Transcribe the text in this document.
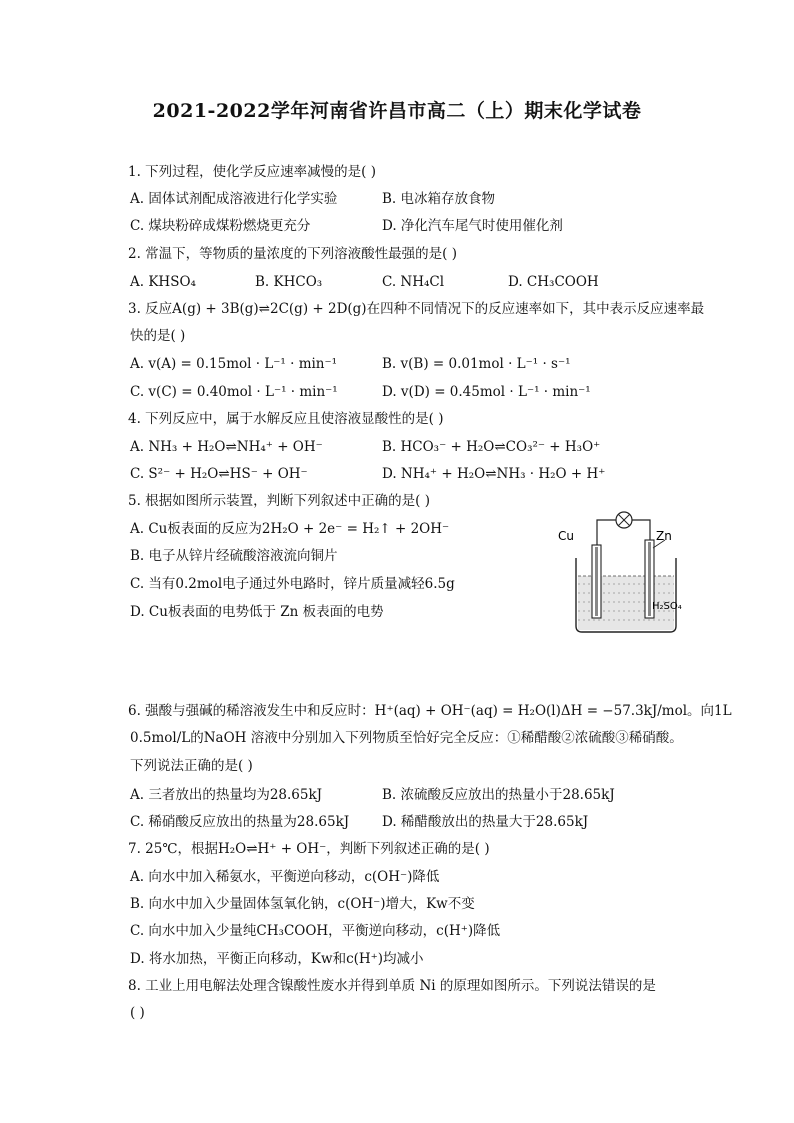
2021-2022学年河南省许昌市高二（上）期末化学试卷
1. 下列过程，使化学反应速率减慢的是( )
A. 固体试剂配成溶液进行化学实验	B. 电冰箱存放食物
C. 煤块粉碎成煤粉燃烧更充分	D. 净化汽车尾气时使用催化剂
2. 常温下，等物质的量浓度的下列溶液酸性最强的是( )
A. KHSO₄	B. KHCO₃	C. NH₄Cl	D. CH₃COOH
3. 反应A(g) + 3B(g)⇌2C(g) + 2D(g)在四种不同情况下的反应速率如下，其中表示反应速率最
快的是( )
A. v(A) = 0.15mol · L⁻¹ · min⁻¹	B. v(B) = 0.01mol · L⁻¹ · s⁻¹
C. v(C) = 0.40mol · L⁻¹ · min⁻¹	D. v(D) = 0.45mol · L⁻¹ · min⁻¹
4. 下列反应中，属于水解反应且使溶液显酸性的是( )
A. NH₃ + H₂O⇌NH₄⁺ + OH⁻	B. HCO₃⁻ + H₂O⇌CO₃²⁻ + H₃O⁺
C. S²⁻ + H₂O⇌HS⁻ + OH⁻	D. NH₄⁺ + H₂O⇌NH₃ · H₂O + H⁺
5. 根据如图所示装置，判断下列叙述中正确的是( )
A. Cu板表面的反应为2H₂O + 2e⁻ = H₂↑ + 2OH⁻
B. 电子从锌片经硫酸溶液流向铜片
C. 当有0.2mol电子通过外电路时，锌片质量减轻6.5g
D. Cu板表面的电势低于 Zn 板表面的电势
Cu	Zn
H₂SO₄
6. 强酸与强碱的稀溶液发生中和反应时：H⁺(aq) + OH⁻(aq) = H₂O(l)ΔH = −57.3kJ/mol。向1L
0.5mol/L的NaOH 溶液中分别加入下列物质至恰好完全反应：①稀醋酸②浓硫酸③稀硝酸。
下列说法正确的是( )
A. 三者放出的热量均为28.65kJ	B. 浓硫酸反应放出的热量小于28.65kJ
C. 稀硝酸反应放出的热量为28.65kJ D. 稀醋酸放出的热量大于28.65kJ
7. 25℃，根据H₂O⇌H⁺ + OH⁻，判断下列叙述正确的是( )
A. 向水中加入稀氨水，平衡逆向移动，c(OH⁻)降低
B. 向水中加入少量固体氢氧化钠，c(OH⁻)增大，Kw不变
C. 向水中加入少量纯CH₃COOH，平衡逆向移动，c(H⁺)降低
D. 将水加热，平衡正向移动，Kw和c(H⁺)均减小
8. 工业上用电解法处理含镍酸性废水并得到单质 Ni 的原理如图所示。下列说法错误的是
( )
